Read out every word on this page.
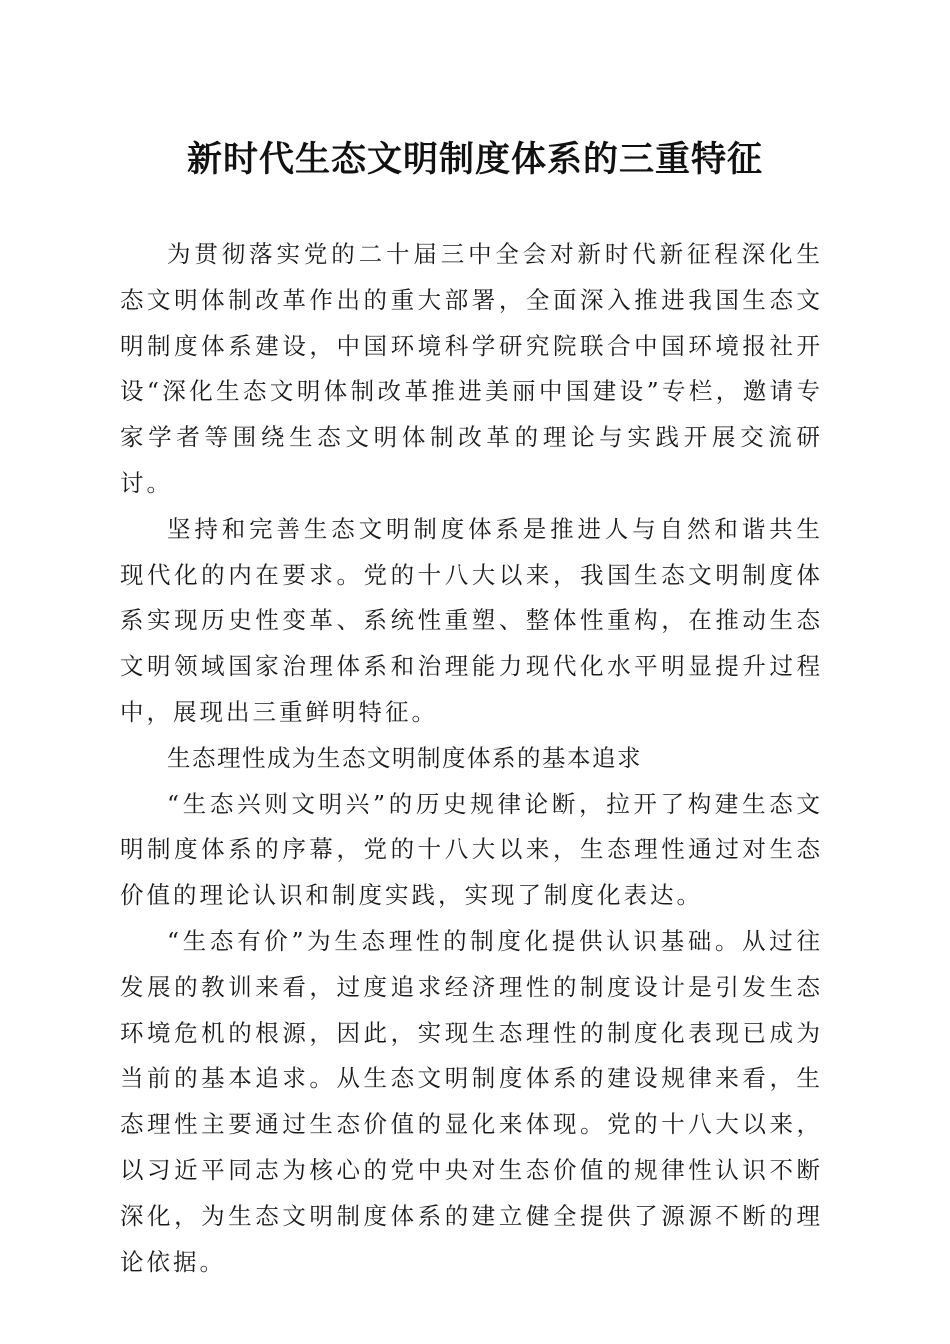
新时代生态文明制度体系的三重特征

为贯彻落实党的二十届三中全会对新时代新征程深化生态文明体制改革作出的重大部署，全面深入推进我国生态文明制度体系建设，中国环境科学研究院联合中国环境报社开设“深化生态文明体制改革推进美丽中国建设”专栏，邀请专家学者等围绕生态文明体制改革的理论与实践开展交流研讨。

坚持和完善生态文明制度体系是推进人与自然和谐共生现代化的内在要求。党的十八大以来，我国生态文明制度体系实现历史性变革、系统性重塑、整体性重构，在推动生态文明领域国家治理体系和治理能力现代化水平明显提升过程中，展现出三重鲜明特征。

生态理性成为生态文明制度体系的基本追求

“生态兴则文明兴”的历史规律论断，拉开了构建生态文明制度体系的序幕，党的十八大以来，生态理性通过对生态价值的理论认识和制度实践，实现了制度化表达。

“生态有价”为生态理性的制度化提供认识基础。从过往发展的教训来看，过度追求经济理性的制度设计是引发生态环境危机的根源，因此，实现生态理性的制度化表现已成为当前的基本追求。从生态文明制度体系的建设规律来看，生态理性主要通过生态价值的显化来体现。党的十八大以来，以习近平同志为核心的党中央对生态价值的规律性认识不断深化，为生态文明制度体系的建立健全提供了源源不断的理论依据。
